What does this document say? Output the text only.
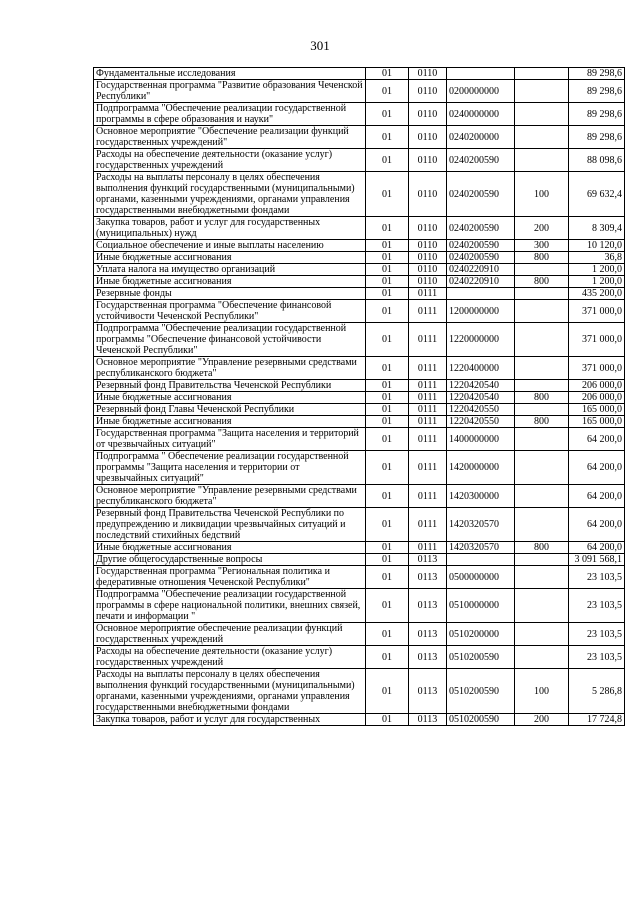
301
Фундаментальные исследования	01	0110			89 298,6
Государственная программа "Развитие образования Чеченской Республики"	01	0110	0200000000		89 298,6
Подпрограмма "Обеспечение реализации государственной программы в сфере образования и науки"	01	0110	0240000000		89 298,6
Основное мероприятие "Обеспечение реализации функций государственных учреждений"	01	0110	0240200000		89 298,6
Расходы на обеспечение деятельности (оказание услуг) государственных учреждений	01	0110	0240200590		88 098,6
Расходы на выплаты персоналу в целях обеспечения выполнения функций государственными (муниципальными) органами, казенными учреждениями, органами управления государственными внебюджетными фондами	01	0110	0240200590	100	69 632,4
Закупка товаров, работ и услуг для государственных (муниципальных) нужд	01	0110	0240200590	200	8 309,4
Социальное обеспечение и иные выплаты населению	01	0110	0240200590	300	10 120,0
Иные бюджетные ассигнования	01	0110	0240200590	800	36,8
Уплата налога на имущество организаций	01	0110	0240220910		1 200,0
Иные бюджетные ассигнования	01	0110	0240220910	800	1 200,0
Резервные фонды	01	0111			435 200,0
Государственная программа "Обеспечение финансовой устойчивости Чеченской Республики"	01	0111	1200000000		371 000,0
Подпрограмма "Обеспечение реализации государственной программы "Обеспечение финансовой устойчивости Чеченской Республики"	01	0111	1220000000		371 000,0
Основное мероприятие "Управление резервными средствами республиканского бюджета"	01	0111	1220400000		371 000,0
Резервный фонд Правительства Чеченской Республики	01	0111	1220420540		206 000,0
Иные бюджетные ассигнования	01	0111	1220420540	800	206 000,0
Резервный фонд Главы Чеченской Республики	01	0111	1220420550		165 000,0
Иные бюджетные ассигнования	01	0111	1220420550	800	165 000,0
Государственная программа "Защита населения и территорий от чрезвычайных ситуаций"	01	0111	1400000000		64 200,0
Подпрограмма " Обеспечение реализации государственной программы "Защита населения и территории от чрезвычайных ситуаций"	01	0111	1420000000		64 200,0
Основное мероприятие "Управление резервными средствами республиканского бюджета"	01	0111	1420300000		64 200,0
Резервный фонд Правительства Чеченской Республики по предупреждению и ликвидации чрезвычайных ситуаций и последствий стихийных бедствий	01	0111	1420320570		64 200,0
Иные бюджетные ассигнования	01	0111	1420320570	800	64 200,0
Другие общегосударственные вопросы	01	0113			3 091 568,1
Государственная программа "Региональная политика и федеративные отношения Чеченской Республики"	01	0113	0500000000		23 103,5
Подпрограмма "Обеспечение реализации государственной программы в сфере национальной политики, внешних связей, печати и информации "	01	0113	0510000000		23 103,5
Основное мероприятие обеспечение реализации функций государственных учреждений	01	0113	0510200000		23 103,5
Расходы на обеспечение деятельности (оказание услуг) государственных учреждений	01	0113	0510200590		23 103,5
Расходы на выплаты персоналу в целях обеспечения выполнения функций государственными (муниципальными) органами, казенными учреждениями, органами управления государственными внебюджетными фондами	01	0113	0510200590	100	5 286,8
Закупка товаров, работ и услуг для государственных	01	0113	0510200590	200	17 724,8
